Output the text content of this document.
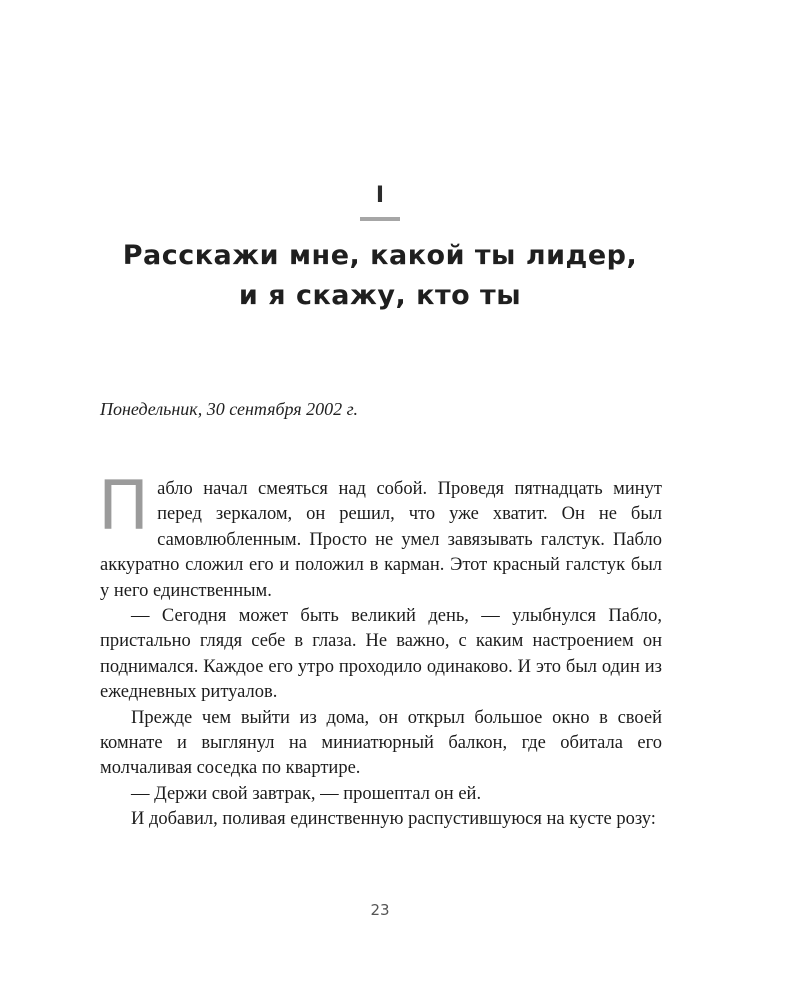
I
Расскажи мне, какой ты лидер,
и я скажу, кто ты
Понедельник, 30 сентября 2002 г.

Пабло начал смеяться над собой. Проведя пятнадцать минут перед зеркалом, он решил, что уже хватит. Он не был самовлюбленным. Просто не умел завязывать галстук. Пабло аккуратно сложил его и положил в карман. Этот красный галстук был у него единственным.

— Сегодня может быть великий день, — улыбнулся Пабло, пристально глядя себе в глаза. Не важно, с каким настроением он поднимался. Каждое его утро проходило одинаково. И это был один из ежедневных ритуалов.

Прежде чем выйти из дома, он открыл большое окно в своей комнате и выглянул на миниатюрный балкон, где обитала его молчаливая соседка по квартире.

— Держи свой завтрак, — прошептал он ей.

И добавил, поливая единственную распустившуюся на кусте розу:

23
